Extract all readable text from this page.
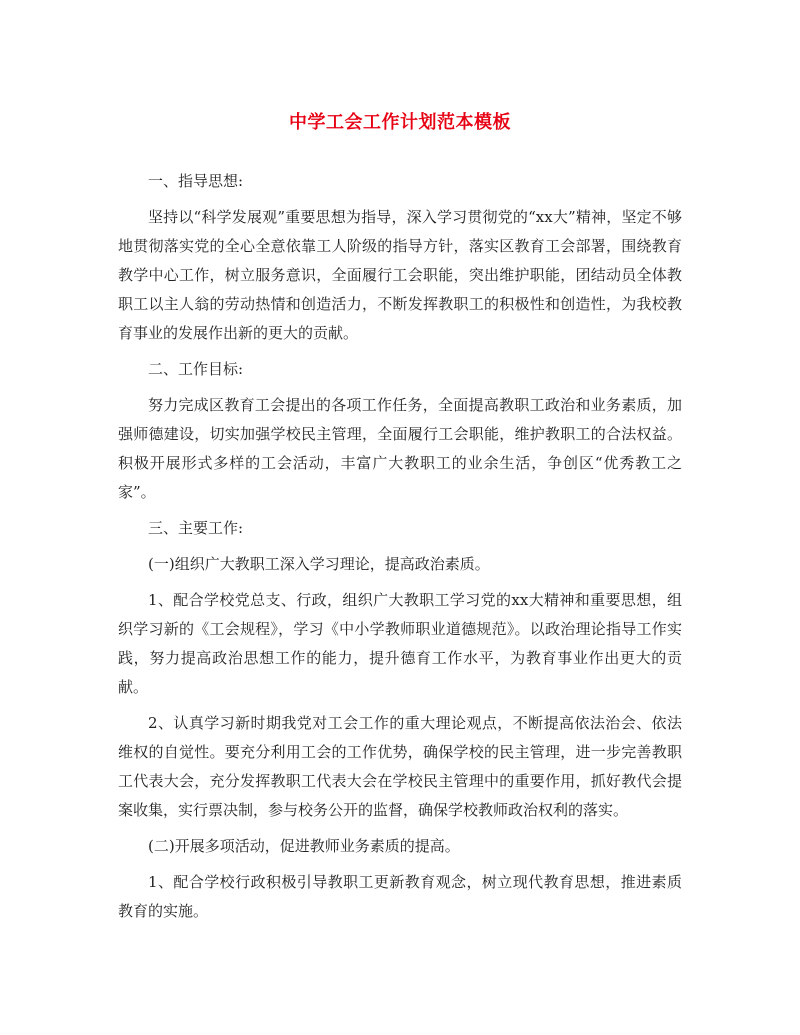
中学工会工作计划范本模板

一、指导思想:

坚持以“科学发展观”重要思想为指导，深入学习贯彻党的“xx大”精神，坚定不够地贯彻落实党的全心全意依靠工人阶级的指导方针，落实区教育工会部署，围绕教育教学中心工作，树立服务意识，全面履行工会职能，突出维护职能，团结动员全体教职工以主人翁的劳动热情和创造活力，不断发挥教职工的积极性和创造性，为我校教育事业的发展作出新的更大的贡献。

二、工作目标:

努力完成区教育工会提出的各项工作任务，全面提高教职工政治和业务素质，加强师德建设，切实加强学校民主管理，全面履行工会职能，维护教职工的合法权益。积极开展形式多样的工会活动，丰富广大教职工的业余生活，争创区“优秀教工之家”。

三、主要工作:

(一)组织广大教职工深入学习理论，提高政治素质。

1、配合学校党总支、行政，组织广大教职工学习党的xx大精神和重要思想，组织学习新的《工会规程》，学习《中小学教师职业道德规范》。以政治理论指导工作实践，努力提高政治思想工作的能力，提升德育工作水平，为教育事业作出更大的贡献。

2、认真学习新时期我党对工会工作的重大理论观点，不断提高依法治会、依法维权的自觉性。要充分利用工会的工作优势，确保学校的民主管理，进一步完善教职工代表大会，充分发挥教职工代表大会在学校民主管理中的重要作用，抓好教代会提案收集，实行票决制，参与校务公开的监督，确保学校教师政治权利的落实。

(二)开展多项活动，促进教师业务素质的提高。

1、配合学校行政积极引导教职工更新教育观念，树立现代教育思想，推进素质教育的实施。
